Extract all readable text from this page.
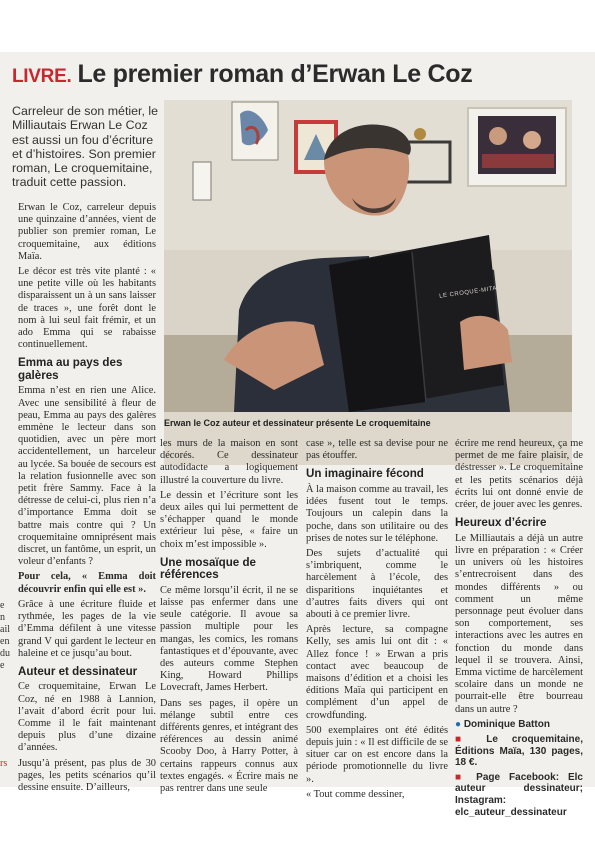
LIVRE. Le premier roman d’Erwan Le Coz

Carreleur de son métier, le Milliautais Erwan Le Coz est aussi un fou d’écriture et d’histoires. Son premier roman, Le croquemitaine, traduit cette passion.

LE CROQUE-MITAINE

Erwan le Coz auteur et dessinateur présente Le croquemitaine

Erwan le Coz, carreleur depuis une quinzaine d’années, vient de publier son premier roman, Le croquemitaine, aux éditions Maïa.

Le décor est très vite planté : « une petite ville où les habitants disparaissent un à un sans laisser de traces », une forêt dont le nom à lui seul fait frémir, et un ado Emma qui se rabaisse continuellement.

Emma au pays des galères

Emma n’est en rien une Alice. Avec une sensibilité à fleur de peau, Emma au pays des galères emmène le lecteur dans son quotidien, avec un père mort accidentellement, un harceleur au lycée. Sa bouée de secours est la relation fusionnelle avec son petit frère Sammy. Face à la détresse de celui-ci, plus rien n’a d’importance Emma doit se battre mais contre qui ? Un croquemitaine omniprésent mais discret, un fantôme, un esprit, un voleur d’enfants ?

Pour cela, « Emma doit découvrir enfin qui elle est ».

Grâce à une écriture fluide et rythmée, les pages de la vie d’Emma défilent à une vitesse grand V qui gardent le lecteur en haleine et ce jusqu’au bout.

Auteur et dessinateur

Ce croquemitaine, Erwan Le Coz, né en 1988 à Lannion, l’avait d’abord écrit pour lui. Comme il le fait maintenant depuis plus d’une dizaine d’années.

Jusqu’à présent, pas plus de 30 pages, les petits scénarios qu’il dessine ensuite. D’ailleurs,

les murs de la maison en sont décorés. Ce dessinateur autodidacte a logiquement illustré la couverture du livre.

Le dessin et l’écriture sont les deux ailes qui lui permettent de s’échapper quand le monde extérieur lui pèse, « faire un choix m’est impossible ».

Une mosaïque de références

Ce même lorsqu’il écrit, il ne se laisse pas enfermer dans une seule catégorie. Il avoue sa passion multiple pour les mangas, les comics, les romans fantastiques et d’épouvante, avec des auteurs comme Stephen King, Howard Phillips Lovecraft, James Herbert.

Dans ses pages, il opère un mélange subtil entre ces différents genres, et intégrant des références au dessin animé Scooby Doo, à Harry Potter, à certains rappeurs connus aux textes engagés. « Écrire mais ne pas rentrer dans une seule

case », telle est sa devise pour ne pas étouffer.

Un imaginaire fécond

À la maison comme au travail, les idées fusent tout le temps. Toujours un calepin dans la poche, dans son utilitaire ou des prises de notes sur le téléphone.

Des sujets d’actualité qui s’imbriquent, comme le harcèlement à l’école, des disparitions inquiétantes et d’autres faits divers qui ont abouti à ce premier livre.

Après lecture, sa compagne Kelly, ses amis lui ont dit : « Allez fonce ! » Erwan a pris contact avec beaucoup de maisons d’édition et a choisi les éditions Maïa qui participent en complément d’un appel de crowdfunding.

500 exemplaires ont été édités depuis juin : « Il est difficile de se situer car on est encore dans la période promotionnelle du livre ».

« Tout comme dessiner,

écrire me rend heureux, ça me permet de me faire plaisir, de déstresser ». Le croquemitaine et les petits scénarios déjà écrits lui ont donné envie de créer, de jouer avec les genres.

Heureux d’écrire

Le Milliautais a déjà un autre livre en préparation : « Créer un univers où les histoires s’entrecroisent dans des mondes différents » ou comment un même personnage peut évoluer dans son comportement, ses interactions avec les autres en fonction du monde dans lequel il se trouvera. Ainsi, Emma victime de harcèlement scolaire dans un monde ne pourrait-elle être bourreau dans un autre ?

● Dominique Batton

■ Le croquemitaine, Éditions Maïa, 130 pages, 18 €.

■ Page Facebook: Elc auteur dessinateur; Instagram: elc_auteur_dessinateur

e
n
ail
en
du
e
rs
